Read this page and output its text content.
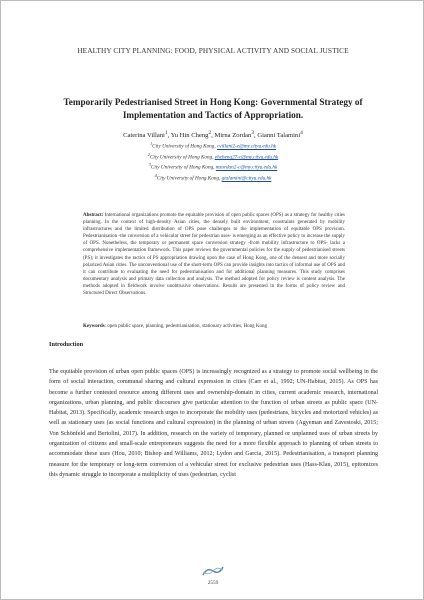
HEALTHY CITY PLANNING: FOOD, PHYSICAL ACTIVITY AND SOCIAL JUSTICE
Temporarily Pedestrianised Street in Hong Kong: Governmental Strategy of Implementation and Tactics of Appropriation.
Caterina Villani$^1$, Yu Hin Cheng$^2$, Mirna Zordan$^3$, Gianni Talamini$^4$
$^1$City University of Hong Kong, cvillani2-c@my.cityu.edu.hk
$^2$City University of Hong Kong, yhcheng27-c@my.cityu.edu.hk
$^3$City University of Hong Kong, mzordan2-c@my.cityu.edu.hk
$^4$City University of Hong Kong, gtalamini@cityu.edu.hk
Abstract: International organizations promote the equitable provision of open public spaces (OPS) as a strategy for healthy cities planning. In the context of high-density Asian cities, the densely built environment, constraints generated by mobility infrastructures and the limited distribution of OPS pose challenges to the implementation of equitable OPS provision. Pedestrianisation -the conversion of a vehicular street for pedestrian uses- is emerging as an effective policy to increase the supply of OPS. Nonetheless, the temporary or permanent space conversion strategy -from mobility infrastructure to OPS- lacks a comprehensive implementation framework. This paper reviews the governmental policies for the supply of pedestrianised streets (PS); it investigates the tactics of PS appropriation drawing upon the case of Hong Kong, one of the densest and more socially polarized Asian cities. The unconventional use of the short-term OPS can provide insights into tactics of informal use of OPS and it can contribute to evaluating the need for pedestrianisation and for additional planning measures. This study comprises documentary analysis and primary data collection and analysis. The method adopted for policy review is content analysis. The methods adopted in fieldwork involve unobtrusive observations. Results are presented in the forms of policy review and Structured Direct Observations.
Keywords: open public space, planning, pedestrianisation, stationary activities, Hong Kong
Introduction
The equitable provision of urban open public spaces (OPS) is increasingly recognized as a strategy to promote social wellbeing in the form of social interaction, communal sharing and cultural expression in cities (Carr et al., 1992; UN-Habitat, 2015). As OPS has become a further contested resource among different uses and ownership-domain in cities, current academic research, international organizations, urban planning, and public discourses give particular attention to the function of urban streets as public space (UN-Habitat, 2013). Specifically, academic research urges to incorporate the mobility uses (pedestrians, bicycles and motorized vehicles) as well as stationary uses (as social functions and cultural expression) in the planning of urban streets (Agyeman and Zavestoski, 2015; Von Schönfeld and Bertolini, 2017). In addition, research on the variety of temporary, planned or unplanned uses of urban streets by organization of citizens and small-scale entrepreneurs suggests the need for a more flexible approach to planning of urban streets to accommodate these uses (Hou, 2010; Bishop and Williams, 2012; Lydon and Garcia, 2015). Pedestrianisation, a transport planning measure for the temporary or long-term conversion of a vehicular street for exclusive pedestrian uses (Hass-Klau, 2015), epitomizes this dynamic struggle to incorporate a multiplicity of uses (pedestrian, cyclist
2559
